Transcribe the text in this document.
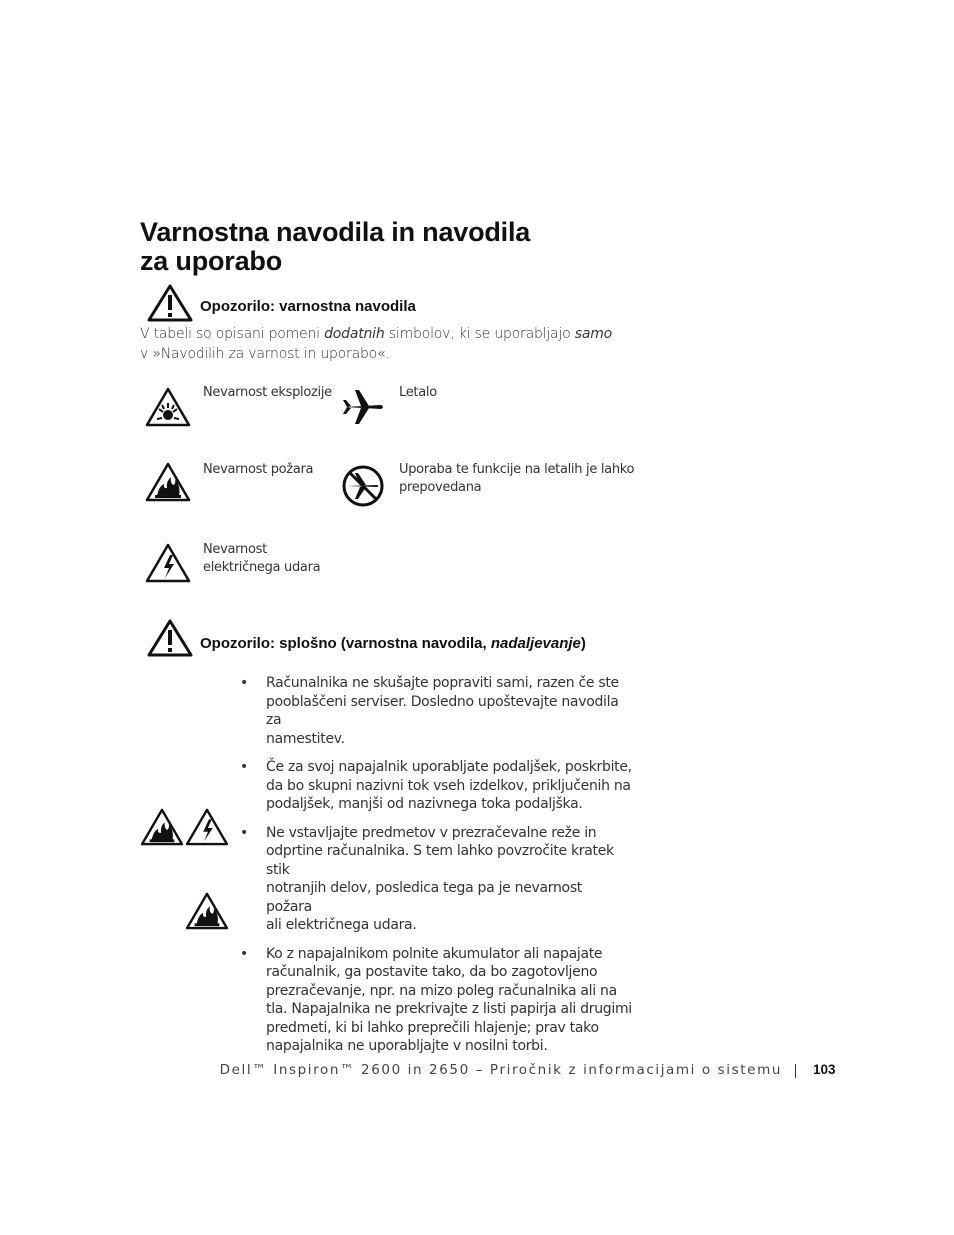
Varnostna navodila in navodila
za uporabo
Opozorilo: varnostna navodila
V tabeli so opisani pomeni dodatnih simbolov, ki se uporabljajo samo
v »Navodilih za varnost in uporabo«.
Nevarnost eksplozije	Letalo
Nevarnost požara	Uporaba te funkcije na letalih je lahko
prepovedana
Nevarnost
električnega udara
Opozorilo: splošno (varnostna navodila, nadaljevanje)
• Računalnika ne skušajte popraviti sami, razen če ste
pooblaščeni serviser. Dosledno upoštevajte navodila za
namestitev.
• Če za svoj napajalnik uporabljate podaljšek, poskrbite,
da bo skupni nazivni tok vseh izdelkov, priključenih na
podaljšek, manjši od nazivnega toka podaljška.
• Ne vstavljajte predmetov v prezračevalne reže in
odprtine računalnika. S tem lahko povzročite kratek stik
notranjih delov, posledica tega pa je nevarnost požara
ali električnega udara.
• Ko z napajalnikom polnite akumulator ali napajate
računalnik, ga postavite tako, da bo zagotovljeno
prezračevanje, npr. na mizo poleg računalnika ali na
tla. Napajalnika ne prekrivajte z listi papirja ali drugimi
predmeti, ki bi lahko preprečili hlajenje; prav tako
napajalnika ne uporabljajte v nosilni torbi.
Dell™ Inspiron™ 2600 in 2650 – Priročnik z informacijami o sistemu 103
